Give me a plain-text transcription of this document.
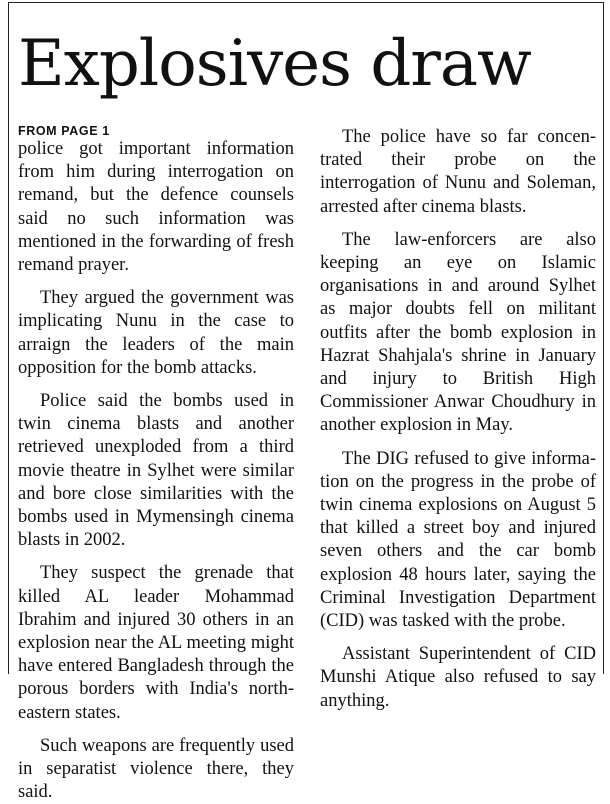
Explosives draw
FROM PAGE 1

police got important information from him during interrogation on remand, but the defence counsels said no such information was mentioned in the forwarding of fresh remand prayer.

They argued the government was implicating Nunu in the case to arraign the leaders of the main opposition for the bomb attacks.

Police said the bombs used in twin cinema blasts and another retrieved unexploded from a third movie theatre in Sylhet were similar and bore close similarities with the bombs used in Mymensingh cinema blasts in 2002.

They suspect the grenade that killed AL leader Mohammad Ibrahim and injured 30 others in an explosion near the AL meeting might have entered Bangladesh through the porous borders with India's northeastern states.

Such weapons are frequently used in separatist violence there, they said.

The police have so far concentrated their probe on the interrogation of Nunu and Soleman, arrested after cinema blasts.

The law-enforcers are also keeping an eye on Islamic organisations in and around Sylhet as major doubts fell on militant outfits after the bomb explosion in Hazrat Shahjala's shrine in January and injury to British High Commissioner Anwar Choudhury in another explosion in May.

The DIG refused to give information on the progress in the probe of twin cinema explosions on August 5 that killed a street boy and injured seven others and the car bomb explosion 48 hours later, saying the Criminal Investigation Department (CID) was tasked with the probe.

Assistant Superintendent of CID Munshi Atique also refused to say anything.
